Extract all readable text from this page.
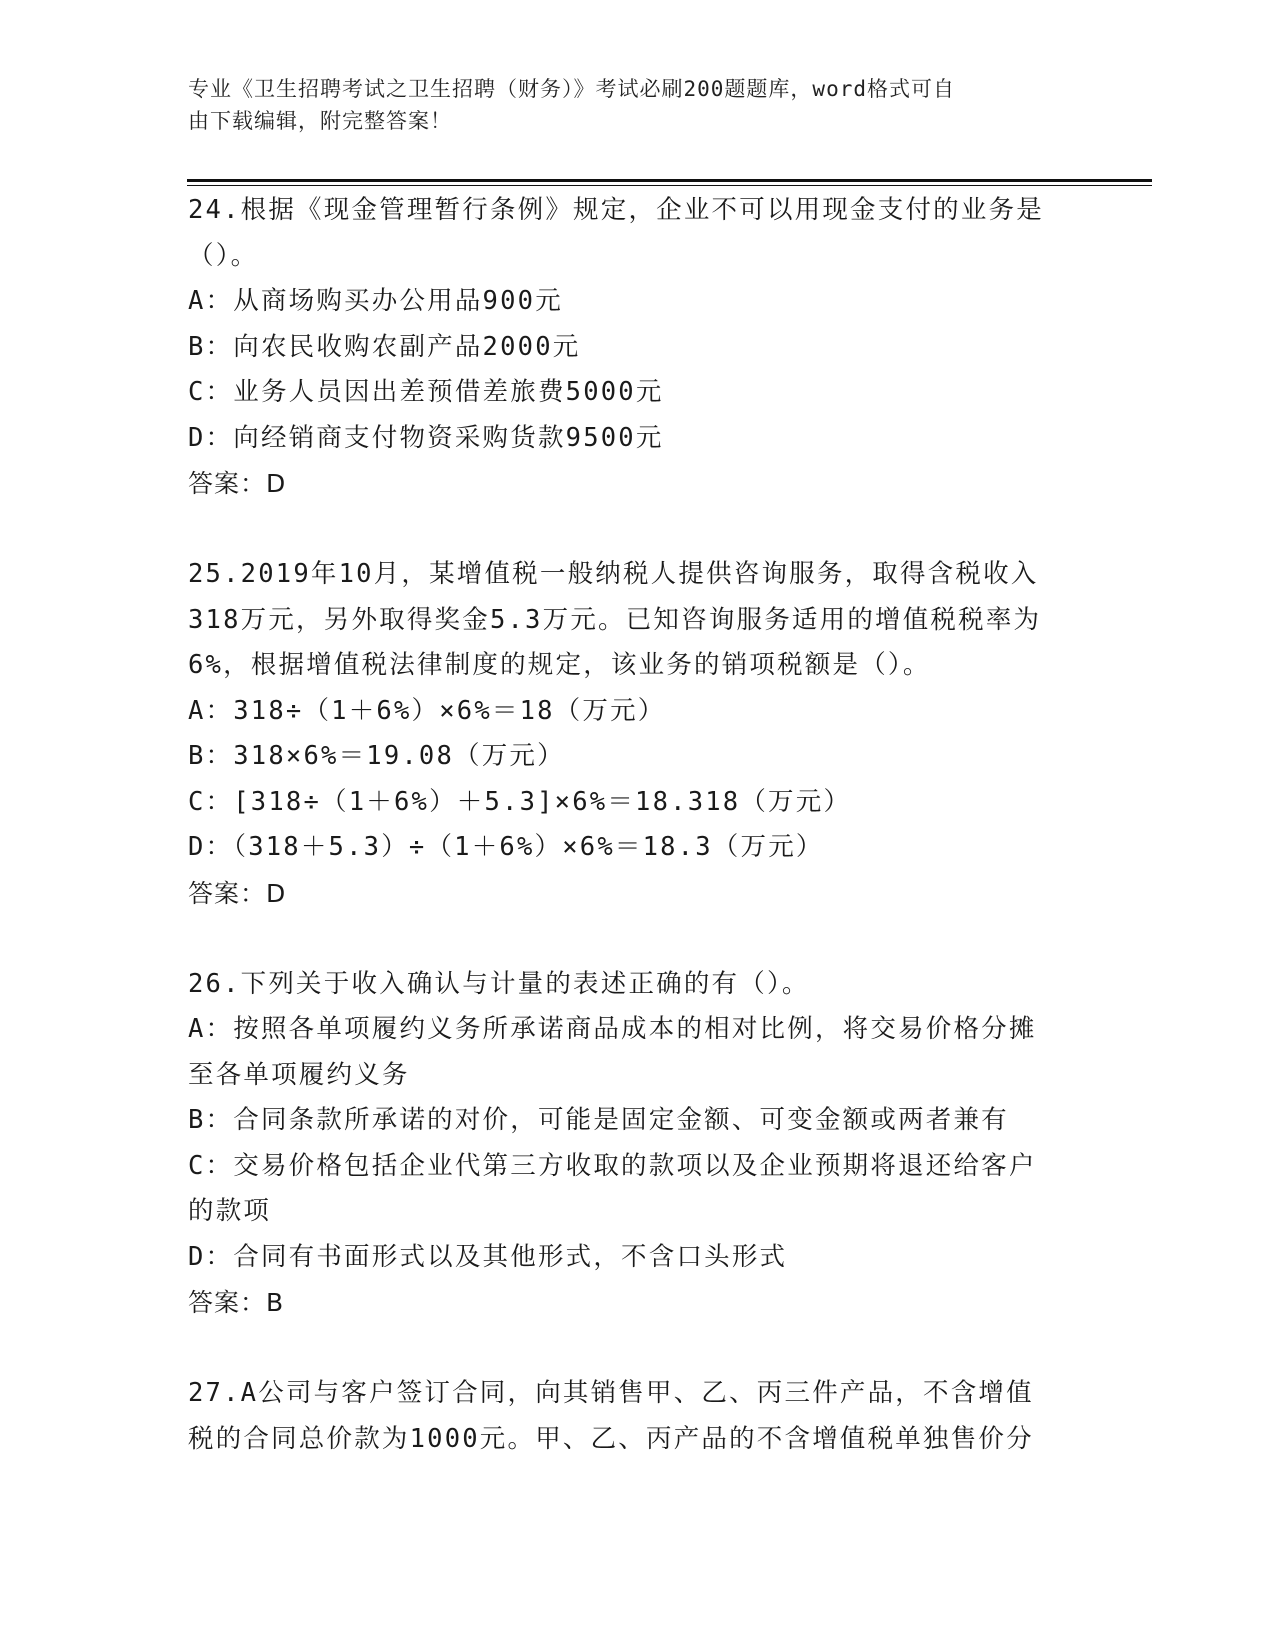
专业《卫生招聘考试之卫生招聘（财务）》考试必刷200题题库，word格式可自
由下载编辑，附完整答案！
24.根据《现金管理暂行条例》规定，企业不可以用现金支付的业务是
（）。
A：从商场购买办公用品900元
B：向农民收购农副产品2000元
C：业务人员因出差预借差旅费5000元
D：向经销商支付物资采购货款9500元
答案：D
25.2019年10月，某增值税一般纳税人提供咨询服务，取得含税收入
318万元，另外取得奖金5.3万元。已知咨询服务适用的增值税税率为
6%，根据增值税法律制度的规定，该业务的销项税额是（）。
A：318÷（1＋6%）×6%＝18（万元）
B：318×6%＝19.08（万元）
C：[318÷（1＋6%）＋5.3]×6%＝18.318（万元）
D：（318＋5.3）÷（1＋6%）×6%＝18.3（万元）
答案：D
26.下列关于收入确认与计量的表述正确的有（）。
A：按照各单项履约义务所承诺商品成本的相对比例，将交易价格分摊
至各单项履约义务
B：合同条款所承诺的对价，可能是固定金额、可变金额或两者兼有
C：交易价格包括企业代第三方收取的款项以及企业预期将退还给客户
的款项
D：合同有书面形式以及其他形式，不含口头形式
答案：B
27.A公司与客户签订合同，向其销售甲、乙、丙三件产品，不含增值
税的合同总价款为1000元。甲、乙、丙产品的不含增值税单独售价分
